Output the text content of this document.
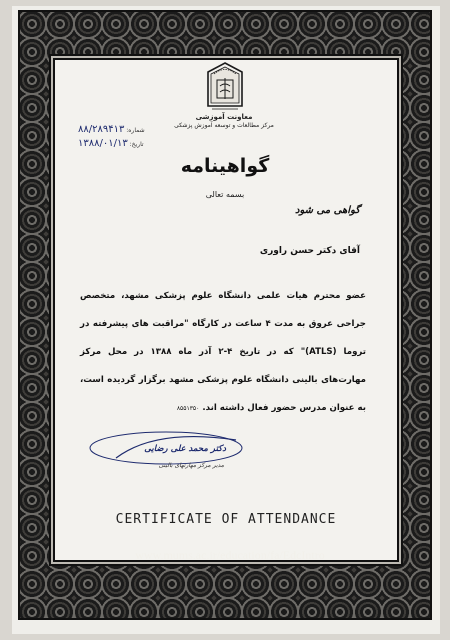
معاونت آموزشی
مرکز مطالعات و توسعه آموزش پزشکی
شماره: ۸۸/۲۸۹۴۱۳
تاریخ: ۱۳۸۸/۰۱/۱۳
گواهینامه
بسمه تعالی
گواهی می شود
آقای دکتر حسن راوری
عضو محترم هیات علمی دانشگاه علوم پزشکی مشهد، متخصص جراحی عروق به مدت ۴ ساعت در کارگاه "مراقبت های پیشرفته در تروما (ATLS)" که در تاریخ ۴-۲ آذر ماه ۱۳۸۸ در محل مرکز مهارت‌های بالینی دانشگاه علوم پزشکی مشهد برگزار گردیده است، به عنوان مدرس حضور فعال داشته اند. ۸۵۵۱۳۵۰
دکتر محمد علی رضایی
مدیر مرکز مهارتهای بالینی
CERTIFICATE OF ATTENDANCE
www.mums.ac.ir/education/fa/EdcIntro
